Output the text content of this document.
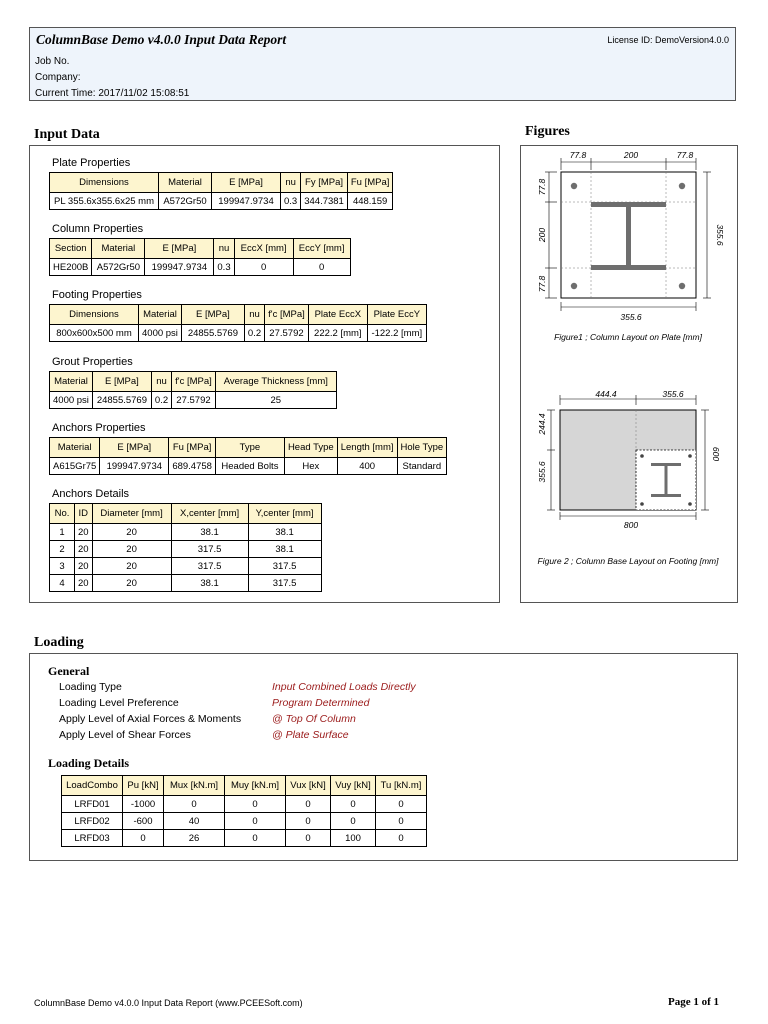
ColumnBase Demo v4.0.0 Input Data Report	License ID: DemoVersion4.0.0
Job No.
Company:
Current Time: 2017/11/02 15:08:51
Input Data
Plate Properties
Dimensions	Material	E [MPa]	nu	Fy [MPa]	Fu [MPa]
PL 355.6x355.6x25 mm	A572Gr50	199947.9734	0.3	344.7381	448.159
Column Properties
Section	Material	E [MPa]	nu	EccX [mm]	EccY [mm]
HE200B	A572Gr50	199947.9734	0.3	0	0
Footing Properties
Dimensions	Material	E [MPa]	nu	f'c [MPa]	Plate EccX	Plate EccY
800x600x500 mm	4000 psi	24855.5769	0.2	27.5792	222.2 [mm]	-122.2 [mm]
Grout Properties
Material	E [MPa]	nu	f'c [MPa]	Average Thickness [mm]
4000 psi	24855.5769	0.2	27.5792	25
Anchors Properties
Material	E [MPa]	Fu [MPa]	Type	Head Type	Length [mm]	Hole Type
A615Gr75	199947.9734	689.4758	Headed Bolts	Hex	400	Standard
Anchors Details
No.	ID	Diameter [mm]	X,center [mm]	Y,center [mm]
1	20	20	38.1	38.1
2	20	20	317.5	38.1
3	20	20	317.5	317.5
4	20	20	38.1	317.5
Figures
77.8	200	77.8
77.8
200
77.8
355.6
355.6
Figure1 ; Column Layout on Plate [mm]
444.4	355.6
244.4
355.6
600
800
Figure 2 ; Column Base Layout on Footing [mm]
Loading
General
Loading Type	Input Combined Loads Directly
Loading Level Preference	Program Determined
Apply Level of Axial Forces & Moments	@ Top Of Column
Apply Level of Shear Forces	@ Plate Surface
Loading Details
LoadCombo	Pu [kN]	Mux [kN.m]	Muy [kN.m]	Vux [kN]	Vuy [kN]	Tu [kN.m]
LRFD01	-1000	0	0	0	0	0
LRFD02	-600	40	0	0	0	0
LRFD03	0	26	0	0	100	0
ColumnBase Demo v4.0.0 Input Data Report (www.PCEESoft.com)	Page 1 of 1
